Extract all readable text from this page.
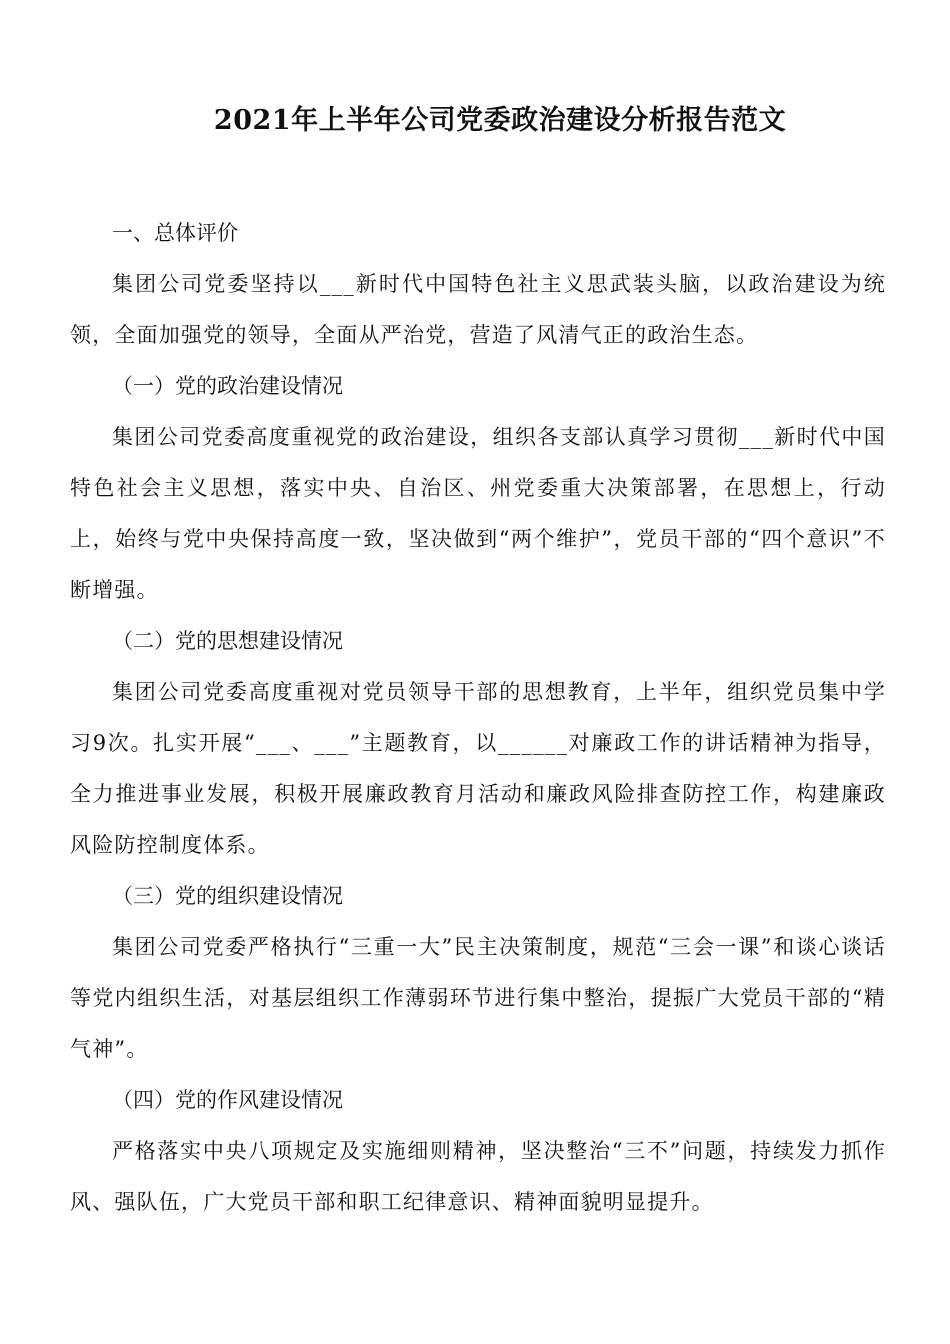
2021年上半年公司党委政治建设分析报告范文

一、总体评价

集团公司党委坚持以___新时代中国特色社主义思武装头脑，以政治建设为统领，全面加强党的领导，全面从严治党，营造了风清气正的政治生态。

（一）党的政治建设情况

集团公司党委高度重视党的政治建设，组织各支部认真学习贯彻___新时代中国特色社会主义思想，落实中央、自治区、州党委重大决策部署，在思想上，行动上，始终与党中央保持高度一致，坚决做到“两个维护”，党员干部的“四个意识”不断增强。

（二）党的思想建设情况

集团公司党委高度重视对党员领导干部的思想教育，上半年，组织党员集中学习9次。扎实开展“___、___”主题教育，以______对廉政工作的讲话精神为指导，全力推进事业发展，积极开展廉政教育月活动和廉政风险排查防控工作，构建廉政风险防控制度体系。

（三）党的组织建设情况

集团公司党委严格执行“三重一大”民主决策制度，规范“三会一课”和谈心谈话等党内组织生活，对基层组织工作薄弱环节进行集中整治，提振广大党员干部的“精气神”。

（四）党的作风建设情况

严格落实中央八项规定及实施细则精神，坚决整治“三不”问题，持续发力抓作风、强队伍，广大党员干部和职工纪律意识、精神面貌明显提升。
